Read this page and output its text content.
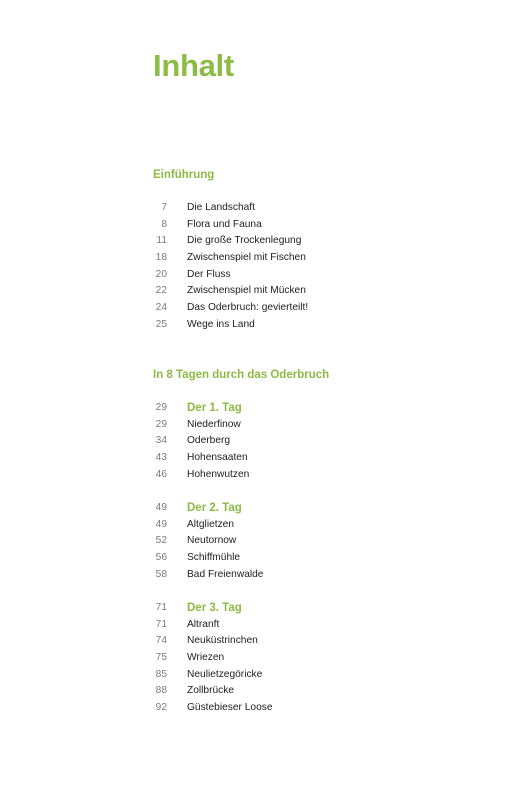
Inhalt
Einführung
7 Die Landschaft
8 Flora und Fauna
11 Die große Trockenlegung
18 Zwischenspiel mit Fischen
20 Der Fluss
22 Zwischenspiel mit Mücken
24 Das Oderbruch: gevierteilt!
25 Wege ins Land
In 8 Tagen durch das Oderbruch
29 Der 1. Tag
29 Niederfinow
34 Oderberg
43 Hohensaaten
46 Hohenwutzen
49 Der 2. Tag
49 Altglietzen
52 Neutornow
56 Schiffmühle
58 Bad Freienwalde
71 Der 3. Tag
71 Altranft
74 Neuküstrinchen
75 Wriezen
85 Neulietzegöricke
88 Zollbrücke
92 Güstebieser Loose
